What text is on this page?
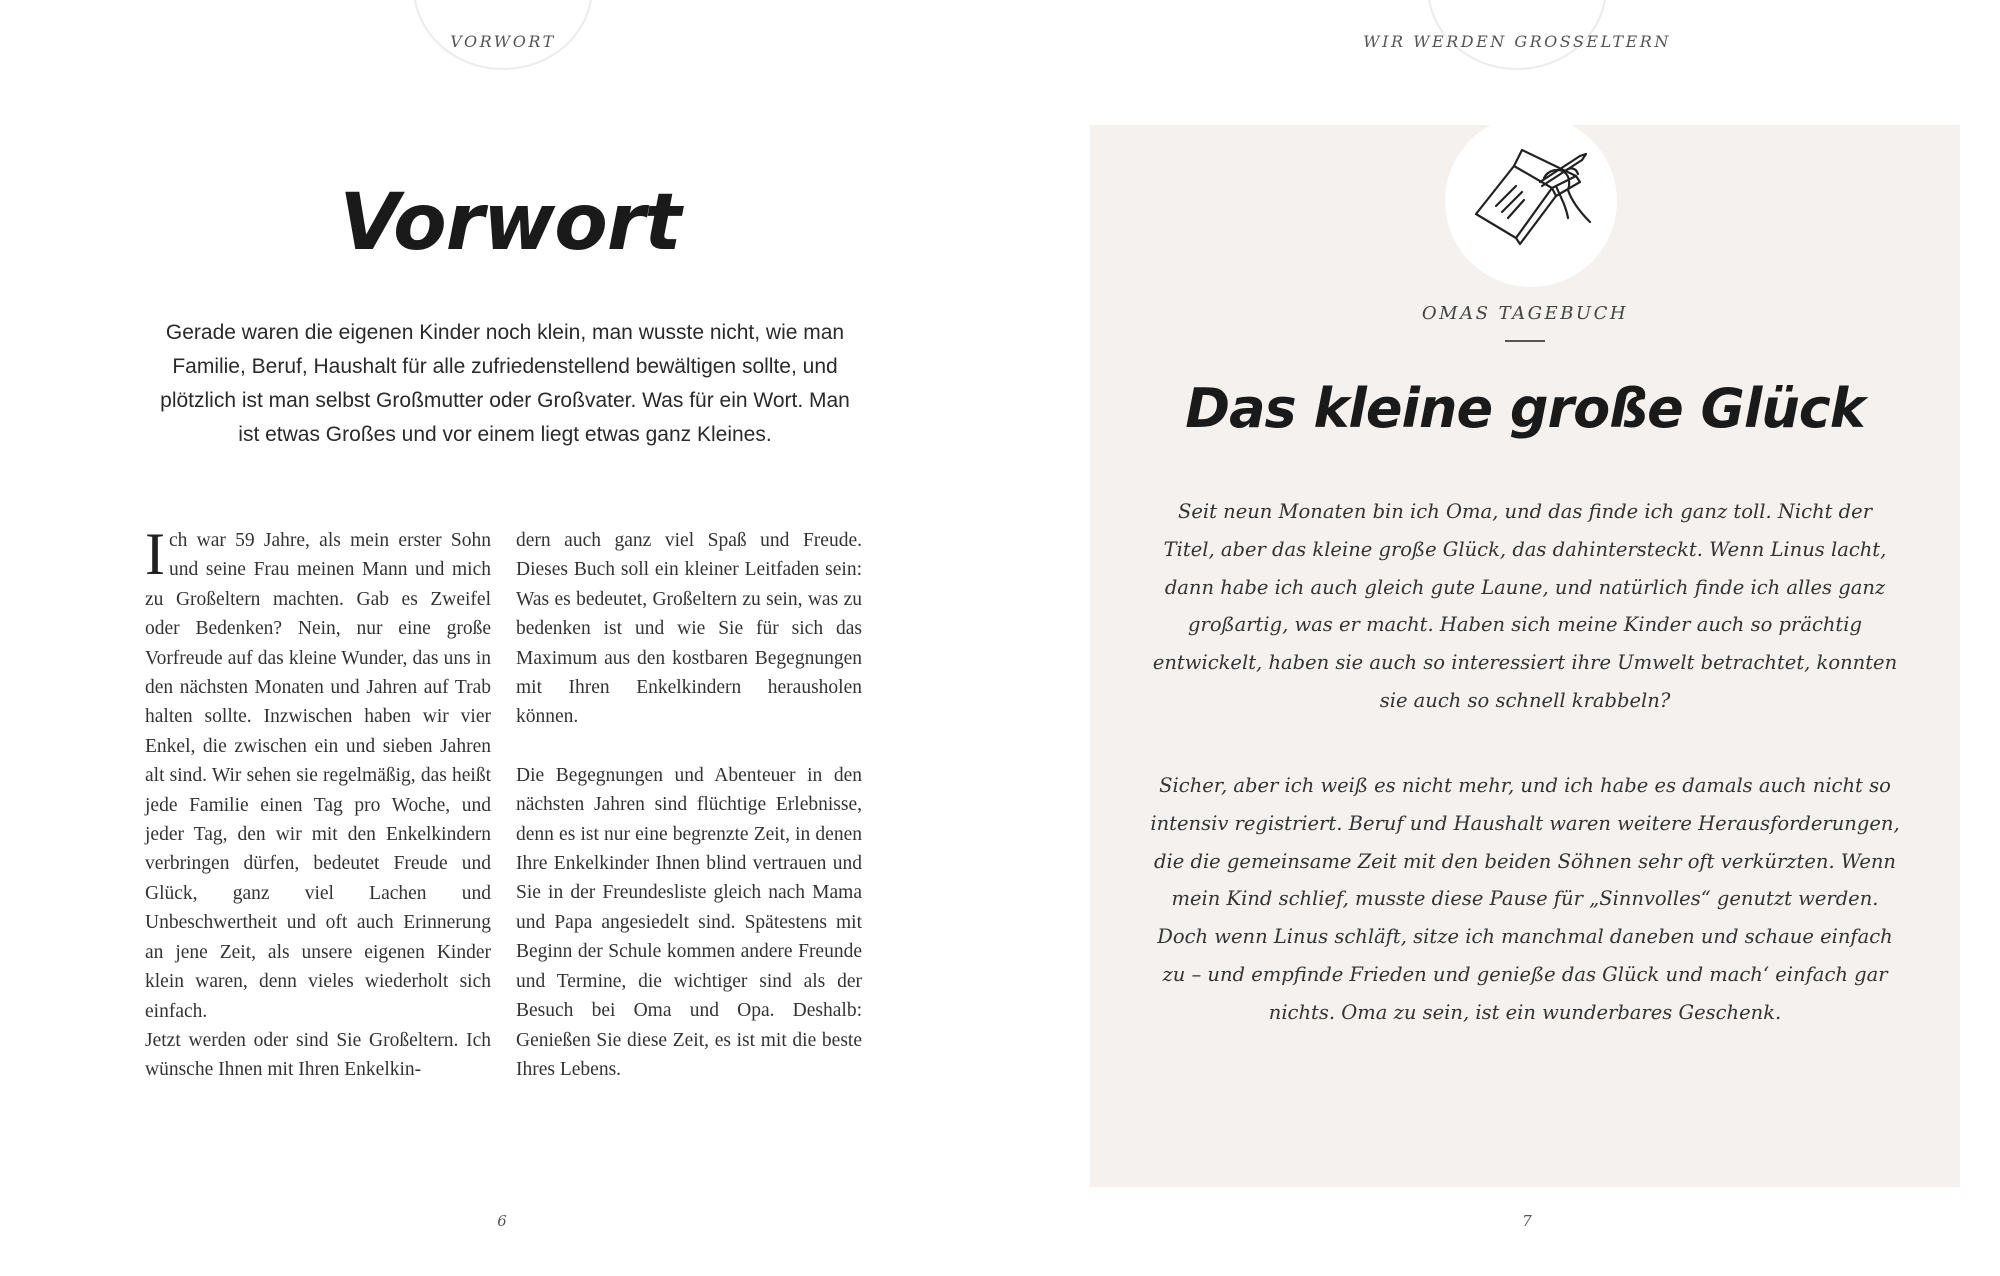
VORWORT
Vorwort
Gerade waren die eigenen Kinder noch klein, man wusste nicht, wie man Familie, Beruf, Haushalt für alle zufriedenstellend bewältigen sollte, und plötzlich ist man selbst Großmutter oder Großvater. Was für ein Wort. Man ist etwas Großes und vor einem liegt etwas ganz Kleines.

Ich war 59 Jahre, als mein erster Sohn und seine Frau meinen Mann und mich zu Großeltern machten. Gab es Zweifel oder Bedenken? Nein, nur eine große Vorfreude auf das kleine Wunder, das uns in den nächsten Monaten und Jahren auf Trab halten sollte. Inzwischen haben wir vier Enkel, die zwischen ein und sieben Jahren alt sind. Wir sehen sie regelmäßig, das heißt jede Familie einen Tag pro Woche, und jeder Tag, den wir mit den Enkelkindern verbringen dürfen, bedeutet Freude und Glück, ganz viel Lachen und Unbeschwertheit und oft auch Erinnerung an jene Zeit, als unsere eigenen Kinder klein waren, denn vieles wiederholt sich einfach.

Jetzt werden oder sind Sie Großeltern. Ich wünsche Ihnen mit Ihren Enkelkin-

dern auch ganz viel Spaß und Freude. Dieses Buch soll ein kleiner Leitfaden sein: Was es bedeutet, Großeltern zu sein, was zu bedenken ist und wie Sie für sich das Maximum aus den kostbaren Begegnungen mit Ihren Enkelkindern herausholen können.

Die Begegnungen und Abenteuer in den nächsten Jahren sind flüchtige Erlebnisse, denn es ist nur eine begrenzte Zeit, in denen Ihre Enkelkinder Ihnen blind vertrauen und Sie in der Freundesliste gleich nach Mama und Papa angesiedelt sind. Spätestens mit Beginn der Schule kommen andere Freunde und Termine, die wichtiger sind als der Besuch bei Oma und Opa. Deshalb: Genießen Sie diese Zeit, es ist mit die beste Ihres Lebens.

6
WIR WERDEN GROSSELTERN
OMAS TAGEBUCH
Das kleine große Glück
Seit neun Monaten bin ich Oma, und das finde ich ganz toll. Nicht der Titel, aber das kleine große Glück, das dahintersteckt. Wenn Linus lacht, dann habe ich auch gleich gute Laune, und natürlich finde ich alles ganz großartig, was er macht. Haben sich meine Kinder auch so prächtig entwickelt, haben sie auch so interessiert ihre Umwelt betrachtet, konnten sie auch so schnell krabbeln?
Sicher, aber ich weiß es nicht mehr, und ich habe es damals auch nicht so intensiv registriert. Beruf und Haushalt waren weitere Herausforderungen, die die gemeinsame Zeit mit den beiden Söhnen sehr oft verkürzten. Wenn mein Kind schlief, musste diese Pause für „Sinnvolles“ genutzt werden. Doch wenn Linus schläft, sitze ich manchmal daneben und schaue einfach zu – und empfinde Frieden und genieße das Glück und mach‘ einfach gar nichts. Oma zu sein, ist ein wunderbares Geschenk.
7
